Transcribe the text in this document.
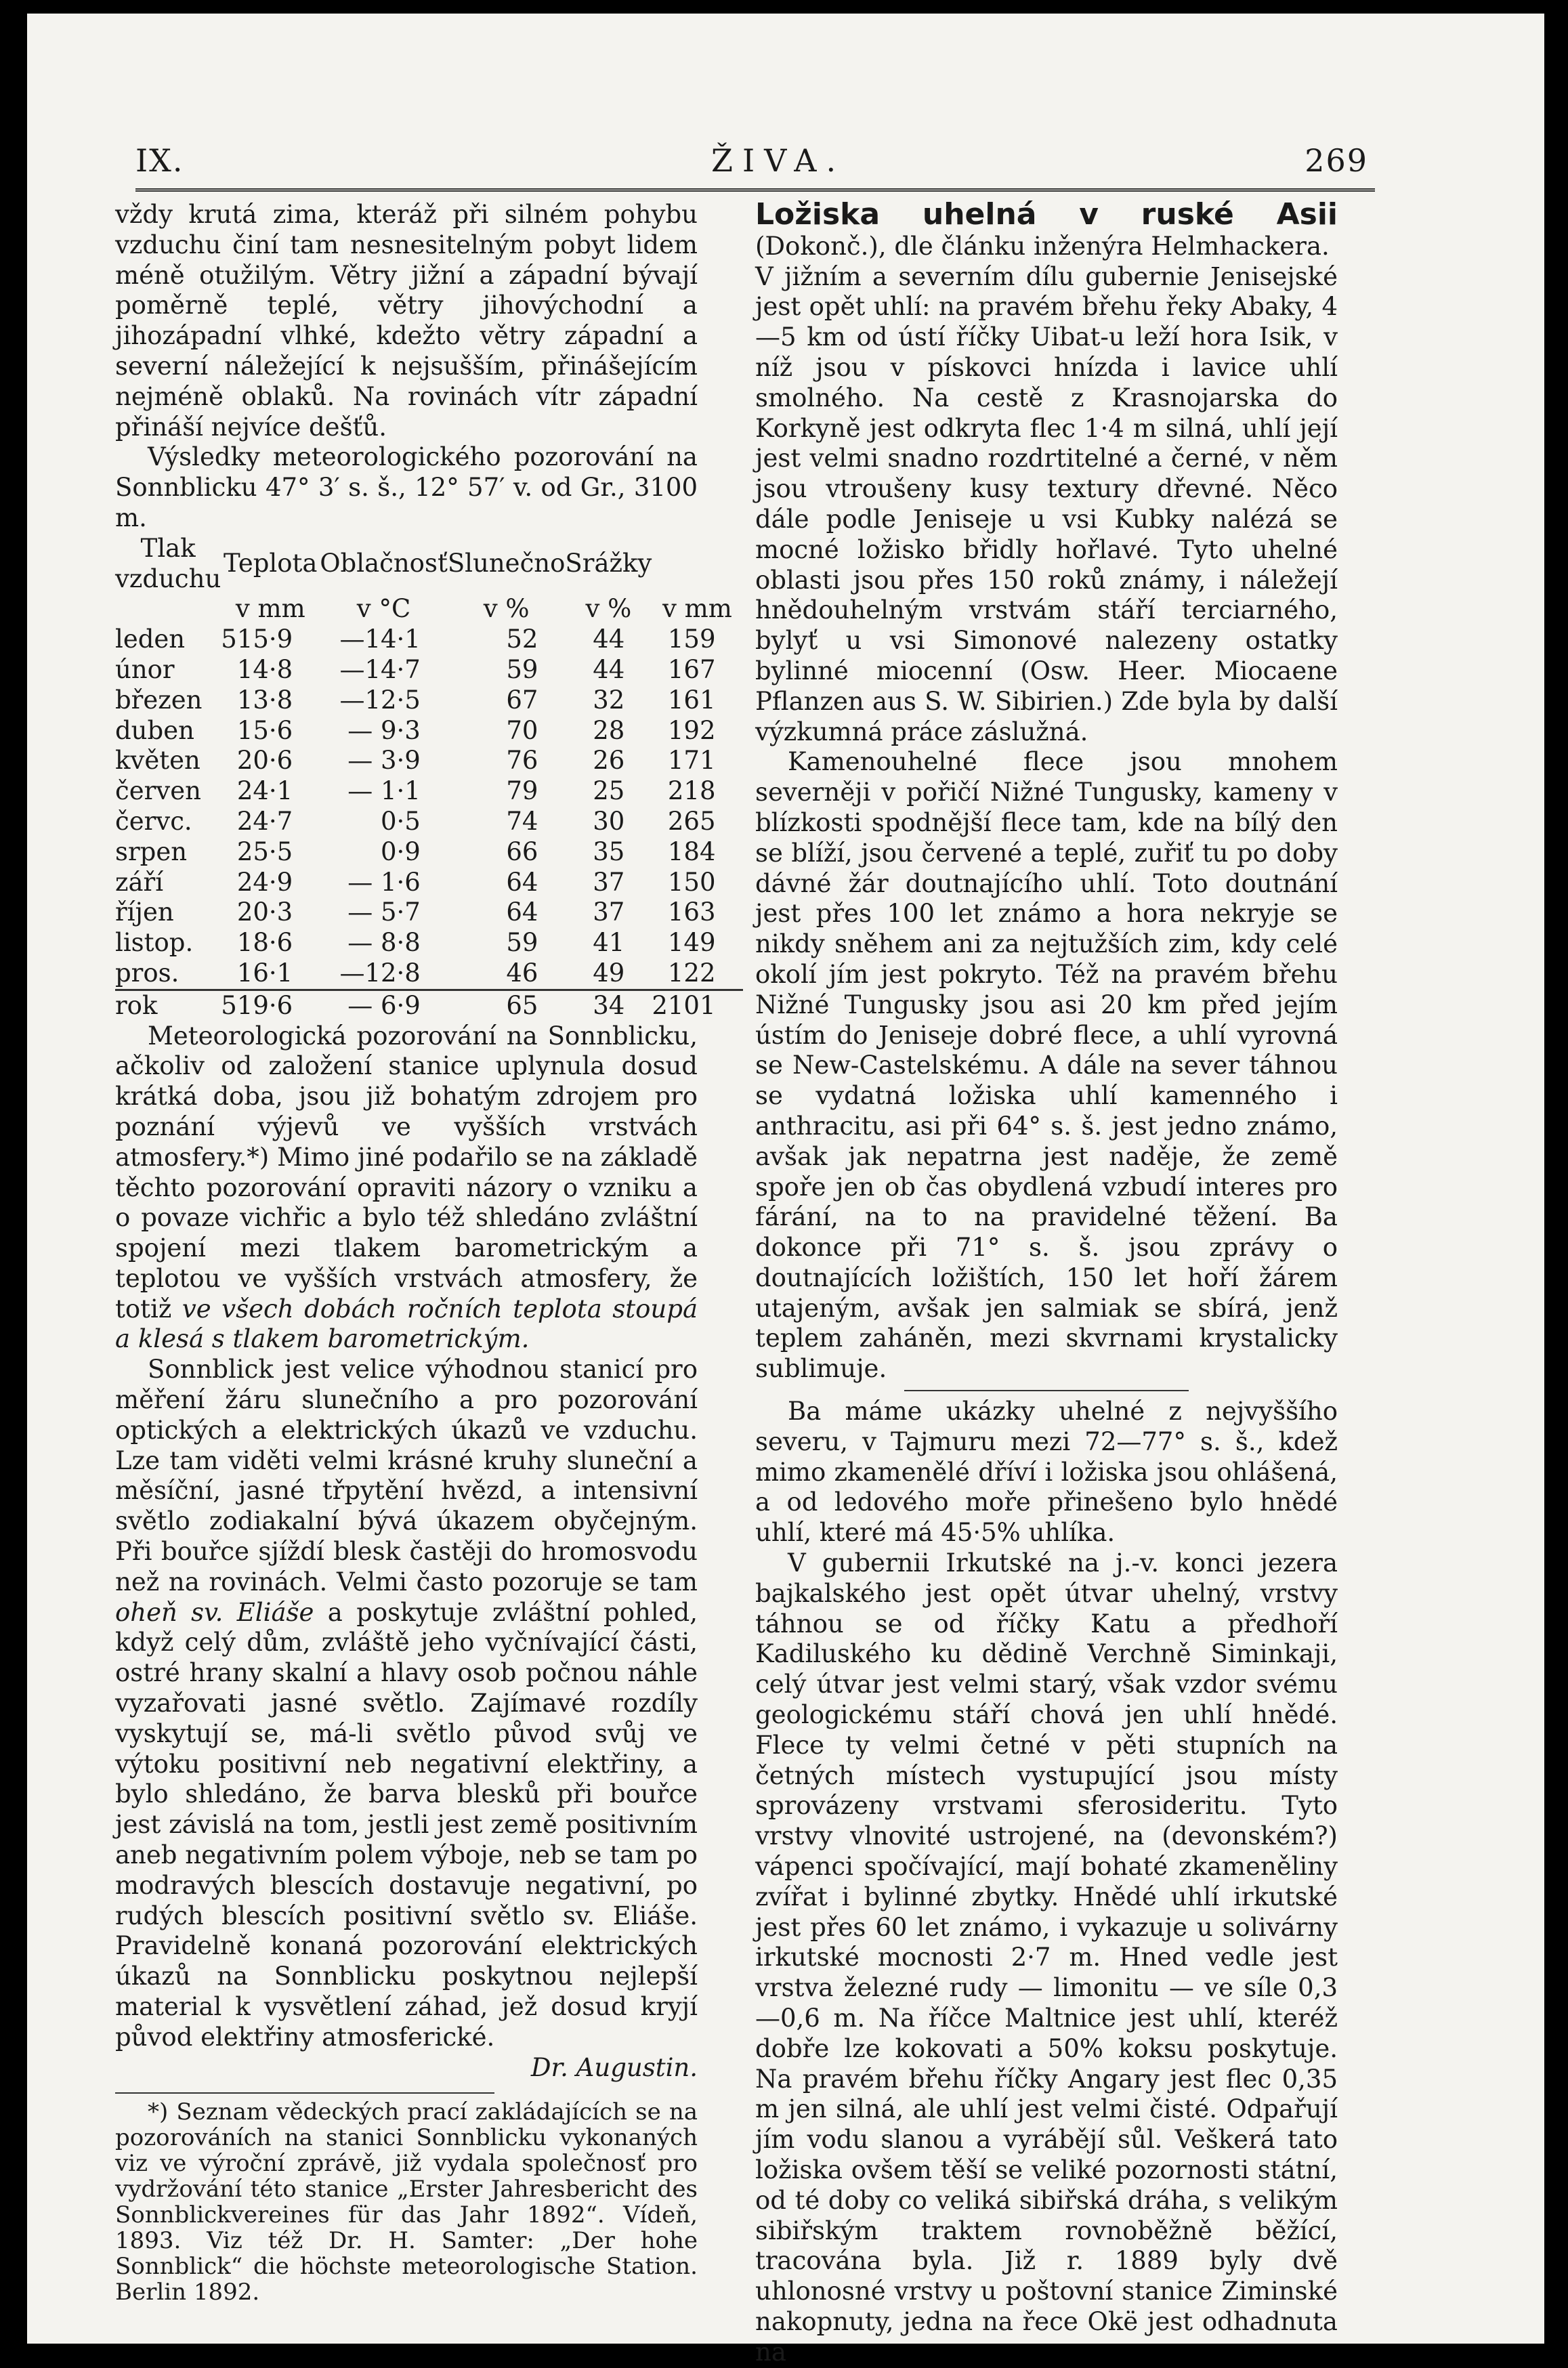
IX.	ŽIVA.	269

vždy krutá zima, kteráž při silném pohybu vzduchu činí tam nesnesitelným pobyt lidem méně otužilým. Větry jižní a západní bývají poměrně teplé, větry jihovýchodní a jihozápadní vlhké, kdežto větry západní a severní náležející k nejsušším, přinášejícím nejméně oblaků. Na rovinách vítr západní přináší nejvíce dešťů.

Výsledky meteorologického pozorování na Sonnblicku 47° 3′ s. š., 12° 57′ v. od Gr., 3100 m.

Tlak vzduchu	Teplota	Oblačnosť	Slunečno	Srážky	
	v mm	v °C	v %	v %	v mm
leden	515·9	—14·1	52	44	159
únor	14·8	—14·7	59	44	167
březen	13·8	—12·5	67	32	161
duben	15·6	— 9·3	70	28	192
květen	20·6	— 3·9	76	26	171
červen	24·1	— 1·1	79	25	218
červc.	24·7	0·5	74	30	265
srpen	25·5	0·9	66	35	184
září	24·9	— 1·6	64	37	150
říjen	20·3	— 5·7	64	37	163
listop.	18·6	— 8·8	59	41	149
pros.	16·1	—12·8	46	49	122
rok	519·6	— 6·9	65	34	2101

Meteorologická pozorování na Sonnblicku, ačkoliv od založení stanice uplynula dosud krátká doba, jsou již bohatým zdrojem pro poznání výjevů ve vyšších vrstvách atmosfery.*) Mimo jiné podařilo se na základě těchto pozorování opraviti názory o vzniku a o povaze vichřic a bylo též shledáno zvláštní spojení mezi tlakem barometrickým a teplotou ve vyšších vrstvách atmosfery, že totiž ve všech dobách ročních teplota stoupá a klesá s tlakem barometrickým.

Sonnblick jest velice výhodnou stanicí pro měření žáru slunečního a pro pozorování optických a elektrických úkazů ve vzduchu. Lze tam viděti velmi krásné kruhy sluneční a měsíční, jasné třpytění hvězd, a intensivní světlo zodiakalní bývá úkazem obyčejným. Při bouřce sjíždí blesk častěji do hromosvodu než na rovinách. Velmi často pozoruje se tam oheň sv. Eliáše a poskytuje zvláštní pohled, když celý dům, zvláště jeho vyčnívající části, ostré hrany skalní a hlavy osob počnou náhle vyzařovati jasné světlo. Zajímavé rozdíly vyskytují se, má-li světlo původ svůj ve výtoku positivní neb negativní elektřiny, a bylo shledáno, že barva blesků při bouřce jest závislá na tom, jestli jest země positivním aneb negativním polem výboje, neb se tam po modravých blescích dostavuje negativní, po rudých blescích positivní světlo sv. Eliáše. Pravidelně konaná pozorování elektrických úkazů na Sonnblicku poskytnou nejlepší material k vysvětlení záhad, jež dosud kryjí původ elektřiny atmosferické.

Dr. Augustin.

*) Seznam vědeckých prací zakládajících se na pozorováních na stanici Sonnblicku vykonaných viz ve výroční zprávě, již vydala společnosť pro vydržování této stanice „Erster Jahresbericht des Sonnblickvereines für das Jahr 1892“. Vídeň, 1893. Viz též Dr. H. Samter: „Der hohe Sonnblick“ die höchste meteorologische Station. Berlin 1892.

Ložiska uhelná v ruské Asii (Dokonč.), dle článku inženýra Helmhackera.

V jižním a severním dílu gubernie Jenisejské jest opět uhlí: na pravém břehu řeky Abaky, 4—5 km od ústí říčky Uibat-u leží hora Isik, v níž jsou v pískovci hnízda i lavice uhlí smolného. Na cestě z Krasnojarska do Korkyně jest odkryta flec 1·4 m silná, uhlí její jest velmi snadno rozdrtitelné a černé, v něm jsou vtroušeny kusy textury dřevné. Něco dále podle Jeniseje u vsi Kubky nalézá se mocné ložisko břidly hořlavé. Tyto uhelné oblasti jsou přes 150 roků známy, i náležejí hnědouhelným vrstvám stáří terciarného, bylyť u vsi Simonové nalezeny ostatky bylinné miocenní (Osw. Heer. Miocaene Pflanzen aus S. W. Sibirien.) Zde byla by další výzkumná práce záslužná.

Kamenouhelné flece jsou mnohem severněji v pořičí Nižné Tungusky, kameny v blízkosti spodnější flece tam, kde na bílý den se blíží, jsou červené a teplé, zuřiť tu po doby dávné žár doutnajícího uhlí. Toto doutnání jest přes 100 let známo a hora nekryje se nikdy sněhem ani za nejtužších zim, kdy celé okolí jím jest pokryto. Též na pravém břehu Nižné Tungusky jsou asi 20 km před jejím ústím do Jeniseje dobré flece, a uhlí vyrovná se New-Castelskému. A dále na sever táhnou se vydatná ložiska uhlí kamenného i anthracitu, asi při 64° s. š. jest jedno známo, avšak jak nepatrna jest naděje, že země spoře jen ob čas obydlená vzbudí interes pro fárání, na to na pravidelné těžení. Ba dokonce při 71° s. š. jsou zprávy o doutnajících ložištích, 150 let hoří žárem utajeným, avšak jen salmiak se sbírá, jenž teplem zaháněn, mezi skvrnami krystalicky sublimuje.

Ba máme ukázky uhelné z nejvyššího severu, v Tajmuru mezi 72—77° s. š., kdež mimo zkamenělé dříví i ložiska jsou ohlášená, a od ledového moře přinešeno bylo hnědé uhlí, které má 45·5% uhlíka.

V gubernii Irkutské na j.-v. konci jezera bajkalského jest opět útvar uhelný, vrstvy táhnou se od říčky Katu a předhoří Kadiluského ku dědině Verchně Siminkaji, celý útvar jest velmi starý, však vzdor svému geologickému stáří chová jen uhlí hnědé. Flece ty velmi četné v pěti stupních na četných místech vystupující jsou místy sprovázeny vrstvami sferosideritu. Tyto vrstvy vlnovité ustrojené, na (devonském?) vápenci spočívající, mají bohaté zkameněliny zvířat i bylinné zbytky. Hnědé uhlí irkutské jest přes 60 let známo, i vykazuje u solivárny irkutské mocnosti 2·7 m. Hned vedle jest vrstva železné rudy — limonitu — ve síle 0,3—0,6 m. Na říčce Maltnice jest uhlí, kteréž dobře lze kokovati a 50% koksu poskytuje. Na pravém břehu říčky Angary jest flec 0,35 m jen silná, ale uhlí jest velmi čisté. Odpařují jím vodu slanou a vyrábějí sůl. Veškerá tato ložiska ovšem těší se veliké pozornosti státní, od té doby co veliká sibiřská dráha, s velikým sibiřským traktem rovnoběžně běžící, tracována byla. Již r. 1889 byly dvě uhlonosné vrstvy u poštovní stanice Ziminské nakopnuty, jedna na řece Okë jest odhadnuta na
